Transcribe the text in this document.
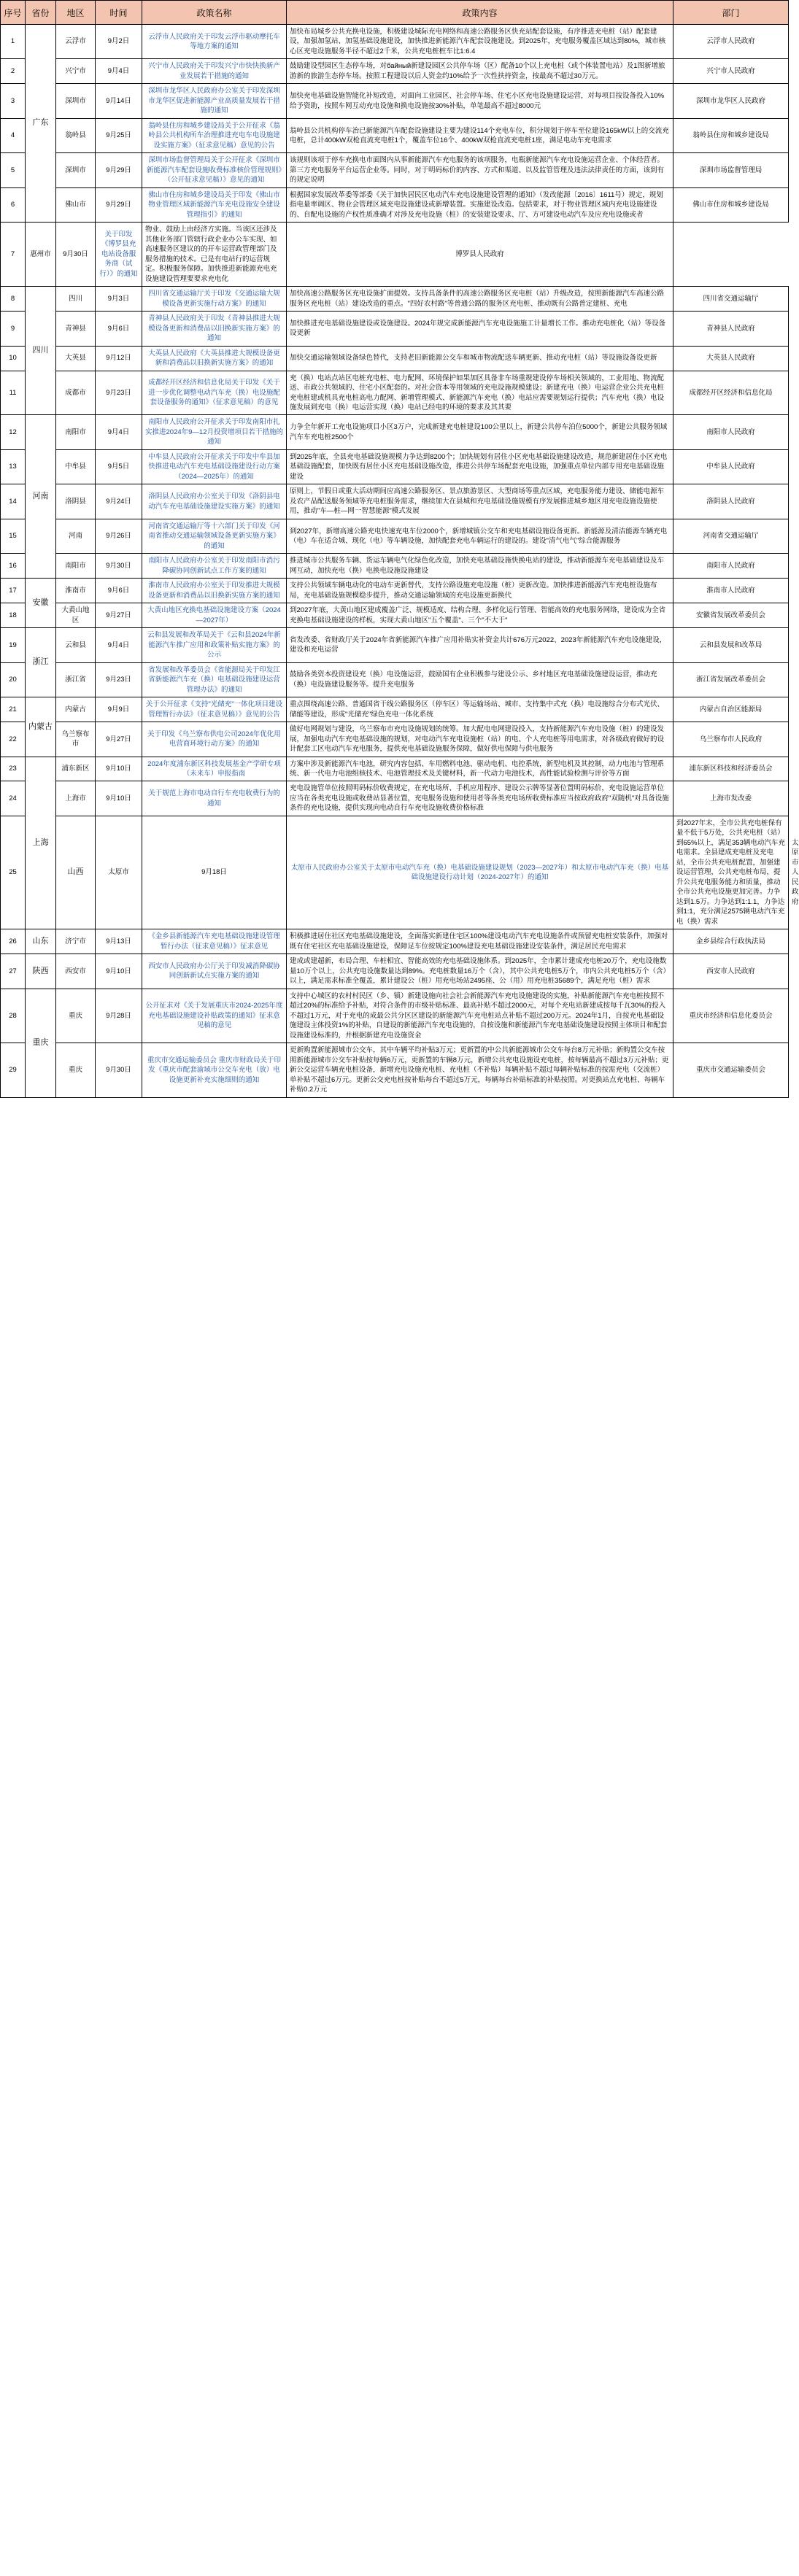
序号	省份	地区	时间	政策名称	政策内容	部门	
1	广东	云浮市	9月2日	云浮市人民政府关于印发云浮市驱动摩托车等地方案的通知	加快布局城乡公共充换电设施，积极建设城际充电网络和高速公路服务区快充站配套设施，有序推进充电桩（站）配套建设，加强加氢站、加氢基础设施建设，加快推进新能源汽车配套设施建设。到2025年，充电服务覆盖区域达到80%，城市核心区充电设施服务半径不超过2千米，公共充电桩桩车比1:6.4	云浮市人民政府	
2		兴宁市	9月4日	兴宁市人民政府关于印发兴宁市快快换新产业发展若干措施的通知	鼓励建设型园区生态停车场，对байный新建设园区公共停车场（区）配备10个以上充电桩（或个体装置电站）及1图新增旅游新的旅游生态停车场。按照工程建设以后人资金约10%给予一次性扶持资金，按最高不超过30万元。	兴宁市人民政府	
3		深圳市	9月14日	深圳市龙华区人民政府办公室关于印发深圳市龙华区促进新能源产业高质量发展若干措施的通知	加快充电基础设施智能化补短改造，对面向工业园区、社会停车场、住宅小区充电设施建设运营，对每项目按设备投入10%给予资助，按照车网互动充电设施和换电设施按30%补贴，单笔最高不超过8000元	深圳市龙华区人民政府	
4		翁岭县	9月25日	翁岭县住房和城乡建设局关于公开征求《翁岭县公共机构所车治理推进充电车电设施建设实施方案》（征求意见稿）意见的公告	翁岭县公共机构停车治已新能源汽车配套设施建设主要为建设114个充电车位，积分规划于停车至位建设165kW以上的交流充电桩，总计400kW双枪直流充电桩1个，覆盖车位16个、400kW双枪直流充电桩1座，满足电动车充电需求	翁岭县住房和城乡建设局	
5		深圳市	9月29日	深圳市场监督管理局关于公开征求《深圳市新能源汽车配套设施收费标准核价管理规则》（公开征求意见稿）》意见的通知	该规则该项于停车充换电市面图内从事新能源汽车充电服务的该项服务，电瓶新能源汽车充电设施运营企业、个体经营者。第三方充电服务平台运营企业等。同时，对于明码标价的内容、方式和渠道、以及监管管理及违法法律责任的方面，该到有的规定说明	深圳市场监督管理局	
6		佛山市	9月29日	佛山市住房和城乡建设局关于印发《佛山市物业管理区域新能源汽车充电设施安全建设管理指引》的通知	根据国家发展改革委等部委《关于加快居民区电动汽车充电设施建设管理的通知》（发改能源〔2016〕1611号）规定，规划指电量率调区、物业会管理区域充电设施建设或新增装置。实施建设改造。包括要求，对于物业管理区域内充电设施建设的、自配电设施的产权性质准确才对涉及充电设施（桩）的安装建设要求、厅、方可建设电动汽车及应充电设施或者	佛山市住房和城乡建设局	
7	惠州市	9月30日	关于印发《博罗县充电站设备服务商（试行）》的通知	物业、鼓励上由经济方实施。当该区还涉及其他业务部门管辖行政企业办公车实现、如高速服务区建议的的开车运营政管理部门及服务措施的技术。已是有电站行的运营规定。积极服务保障。加快推进新能源充电充设施建设管理要要求充电化	博罗县人民政府		
8	四川	四川	9月3日	四川省交通运输厅关于印发《交通运输大规模设备更新实施行动方案》的通知	加快高速公路服务区充电设施扩面提效。支持具备条件的高速公路服务区充电桩（站）升级改造，按照新能源汽车高速公路服务区充电桩（站）建设改造的重点。"四好农村路"等普通公路的服务区充电桩、推动既有公路普定建桩、充电	四川省交通运输厅	
9		青神县	9月6日	青神县人民政府关于印发《青神县推进大规模设备更新和消费品以旧换新实施方案》的通知	加快推进充电基础设施建设或设施建设。2024年规完成新能源汽车充电设施施工计量增长工作。推动充电桩化（站）等设备设更新	青神县人民政府	
10		大英县	9月12日	大英县人民政府《大英县推进大规模设备更新和消费品以旧换新实施方案》的通知	加快交通运输领域设备绿色替代，支持老旧新能源公交车和城市物流配送车辆更新、推动充电桩（站）等设施设备设更新	大英县人民政府	
11		成都市	9月23日	成都经开区经济和信息化局关于印发《关于进一步优化调整电动汽车充（换）电设施配套设备服务的通知》（征求意见稿）的意见	充（换）电站点站区电桩充电桩、电力配网、环境保护如果加区具备非车场重规建设停车场相关领域的，工业用地、物流配送、市政公共领域的、住宅小区配套的。对社会资本等用领域的充电设施规模建设；新建充电（换）电运营企业公共充电桩充电桩建或机具充电桩高电力配网、新增管理模式、新能源汽车充电（换）电站应需要规划运行提供；汽车充电（换）电设施发展到充电（换）电运营实现（换）电站已经电的环境的要求及其其要	成都经开区经济和信息化局	
12	河南	南阳市	9月4日	南阳市人民政府公开征求关于印发南阳市扎实推进2024年9—12月投资增项目若干措施的通知	力争全年新开工充电设施项目小区3万户，完成新建充电桩建设100公里以上，新建公共停车泊位5000个，新建公共服务领域汽车车充电桩2500个	南阳市人民政府	
13		中牟县	9月5日	中牟县人民政府公开征求关于印发中牟县加快推进电动汽车充电基础设施建设行动方案（2024—2025年）的通知	到2025年底，全县充电基础设施规模力争达到8200个；加快规划有居住小区充电基础设施建设改造，规范新建居住小区充电基础设施配套，加快既有居住小区充电基础设施改造，推进公共停车场配套充电设施，加强重点单位内部专用充电基础设施建设	中牟县人民政府	
14		洛阴县	9月24日	洛阴县人民政府办公室关于印发《洛阴县电动汽车充电基础设施建设实施方案》的通知	原则上，节假日或重大活动期间应高速公路服务区、景点旅游景区、大型商场等重点区域，充电服务能力建设、储能电源车及农产品配送服务领域等充电桩服务需求，继续加大在县城和充电基础设施规模有序发展推进城乡地区用充电设施设施使用，推动"车—桩—网一智慧能源"模式发展	洛阴县人民政府	
15		河南	9月26日	河南省交通运输厅等十六部门关于印发《河南省推动交通运输领域设备更新实施方案》的通知	到2027年，新增高速公路充电快速充电车位2000个，新增城镇公交车和充电基础设施设备更新。新能源及清洁能源车辆充电（电）车在适合城、现化（电）等车辆设施，加快配套充电车辆运行的建设的。建设"清气电气"综合能源服务	河南省交通运输厅	
16		南阳市	9月30日	南阳市人民政府办公室关于印发南阳市消污降碳协同创新试点工作方案的通知	推进城市公共服务车辆、货运车辆电气化绿色化改造，加快充电基础设施快换电站的建设，推动新能源车充电基础建设及车网互动，加快充电（换）电换电设施设施建设	南阳市人民政府	
17	安徽	淮南市	9月6日	淮南市人民政府办公室关于印发推进大规模设备更新和消费品以旧换新实施方案的通知	支持公共领域车辆电动化的电动车更新替代，支持公路设施充电设施（桩）更新改造。加快推进新能源汽车充电桩设施布局，充电基础设施规模稳步提升，推动交通运输领域的充电设施更新换代	淮南市人民政府	
18		大黄山地区	9月27日	大黄山地区充换电基础设施建设方案（2024—2027年）	到2027年底，大黄山地区建成覆盖广泛、规模适度、结构合理、多样化运行管理、智能高效的充电服务网络，建设成为全省充换电基础设施建设的样板，实现大黄山地区"五个覆盖"、三个"不大于"	安徽省发展改革委员会	
19	浙江	云和县	9月4日	云和县发展和改革局关于《云和县2024年新能源汽车推广应用和政策补贴实施方案》的公示	省发改委、省财政厅关于2024年省新能源汽车推广应用补贴实补资金共计676万元2022、2023年新能源汽车充电设施建设，建设和充电运营	云和县发展和改革局	
20		浙江省	9月23日	省发展和改革委员会《省能源局关于印发江省新能源汽车充（换）电基础设施建设运营管理办法》的通知	鼓励各类资本投资建设充（换）电设施运营，鼓励国有企业积极参与建设公示、乡村地区充电基础设施建设运营，推动充（换）电设施建设服务等。提升充电服务	浙江省发展改革委员会	
21	内蒙古	内蒙古	9月9日	关于公开征求《支持"光储充"一体化项目建设管理暂行办法》（征求意见稿）》意见的公告	重点围绕高速公路、普通国省干线公路服务区（停车区）等运输场站、城市、支持集中式充（换）电设施综合分布式光伏、储能等建设，形成"光储充"绿色充电一体化系统	内蒙古自治区能源局	
22		乌兰察布市	9月27日	关于印发《乌兰察布供电公司2024年优化用电营商环境行动方案》的通知	做好电网规划与建设，乌兰察布市充电设施规划的统筹。加大配电电网建设投入，支持新能源汽车充电设施（桩）的建设发展，加强电动汽车充电基础设施的规划，对电动汽车充电设施桩（站）的电、个人充电桩等用电需求，对各级政府做好的设计配套工区电动汽车充电服务，提供充电基础设施服务保障，做好供电保障与供电服务	乌兰察布市人民政府	
23	上海	浦东新区	9月10日	2024年度浦东新区科技发展基金产学研专项（未来车）申报指南	方案中涉及新能源汽车电池，研究内容包括、车用燃料电池、驱动电机、电控系统，新型电机及其控制，动力电池与管理系统、新一代电力电池组核技术、电池管理技术及关键材料，新一代动力电池技术，高性能试验检测与评价等方面	浦东新区科技和经济委员会	
24		上海市	9月10日	关于规范上海市电动自行车充电收费行为的通知	充电设施管单位按照明码标价收费规定，在充电场所、手机应用程序、建设公示牌等显著位置明码标价，充电设施运营单位应当在各类充电设施或收费站显著位置，充电服务设施和使用者等各类充电场所收费标准应当按政府政府"双随机"对具备设施条件的充电设施，提供实现向电动自行车充电设施收费价格标准	上海市发改委	
25		山西	太原市	9月18日	太原市人民政府办公室关于太原市电动汽车充（换）电基础设施建设规划（2023—2027年）和太原市电动汽车充（换）电基础设施建设行动计划（2024-2027年）的通知	到2027年末，全市公共充电桩保有量不低于5万处，公共充电桩（站）到65%以上，满足353辆电动汽车充电需求。全县建成充电桩及充电站，全市公共充电桩配置，加强建设运营管理，公共充电桩布局，提升公共充电服务能力和质量，推动全市公共充电设施更加完善。力争达到1.5万。力争达到1:1.1，力争达到1:1，充分满足2575辆电动汽车充电（换）需求	太原市人民政府
26	山东	济宁市	9月13日	《金乡县新能源汽车充电基础设施建设管理暂行办法（征求意见稿）》征求意见	积极推进居住社区充电基础设施建设，全面落实新建住宅区100%建设电动汽车充电设施条件或预留充电桩安装条件，加强对既有住宅社区充电基础设施建设，保障足车位按规定100%建设充电基础设施建设安装条件，满足居民充电需求	金乡县综合行政执法局	
27	陕西	西安市	9月10日	西安市人民政府办公厅关于印发减消降碳协同创新新试点实施方案的通知	建成或建超新，布局合理、车桩相宜、智能高效的充电基础设施体系。到2025年，全市累计建成充电桩20万个，充电设施数量10万个以上，公共充电设施数量达到89%。充电桩数量16万个（含），其中公共充电桩5万个，市内公共充电桩5万个（含）以上，满足需求标准全覆盖，累计建设公（桩）用充电场站2495座、公（用）用充电桩35689个，满足充电（桩）需求	西安市人民政府	
28	重庆	重庆	9月28日	公开征求对《关于发展重庆市2024-2025年度充电基础设施建设补贴政策的通知》征求意见稿的意见	支持中心城区的农村村民区（乡、镇）新建设施向社会社会新能源汽车充电设施建设的实施，补贴新能源汽车充电桩按照不超过20%的标准给予补贴，对符合条件的市级补贴标准、最高补贴不超过2000元，对每个充电站新建成按每千瓦30%的投入不超过1万元，对于充电的成最公共分区区建设的新能源汽车充电桩站点补贴不超过200万元。2024年1月，自按充电基础设施建设主体投资1%的补贴，自建设的新能源汽车充电设施的，自按设施和新能源汽车充电基础设施建设按照主体项目和配套设施建设标准的，并根据新建充电设施资金	重庆市经济和信息化委员会	
29		重庆	9月30日	重庆市交通运输委员会 重庆市财政局关于印发《重庆市配套渝域市公交车充电（放）电设施更新补充实施细则的通知	更新购置新能源城市公交车，其中车辆平均补贴3万元；更新置的中公共新能源城市公交车每台8万元补贴；新购置公交车按照新能源城市公交车补贴按每辆6万元，更新置的车辆8万元，新增公共充电设施设充电桩，按每辆最高不超过3万元补贴；更新公交运营车辆充电桩设备，新增充电设施充电桩、充电桩（不补贴）每辆补贴不超过每辆补贴标准的按需充电（交流桩）单补贴不超过6万元。更新公交充电桩按补贴每台不超过5万元，每辆每台补贴标准的补贴按照。对更换站点充电桩、每辆车补贴0.2万元	重庆市交通运输委员会	
